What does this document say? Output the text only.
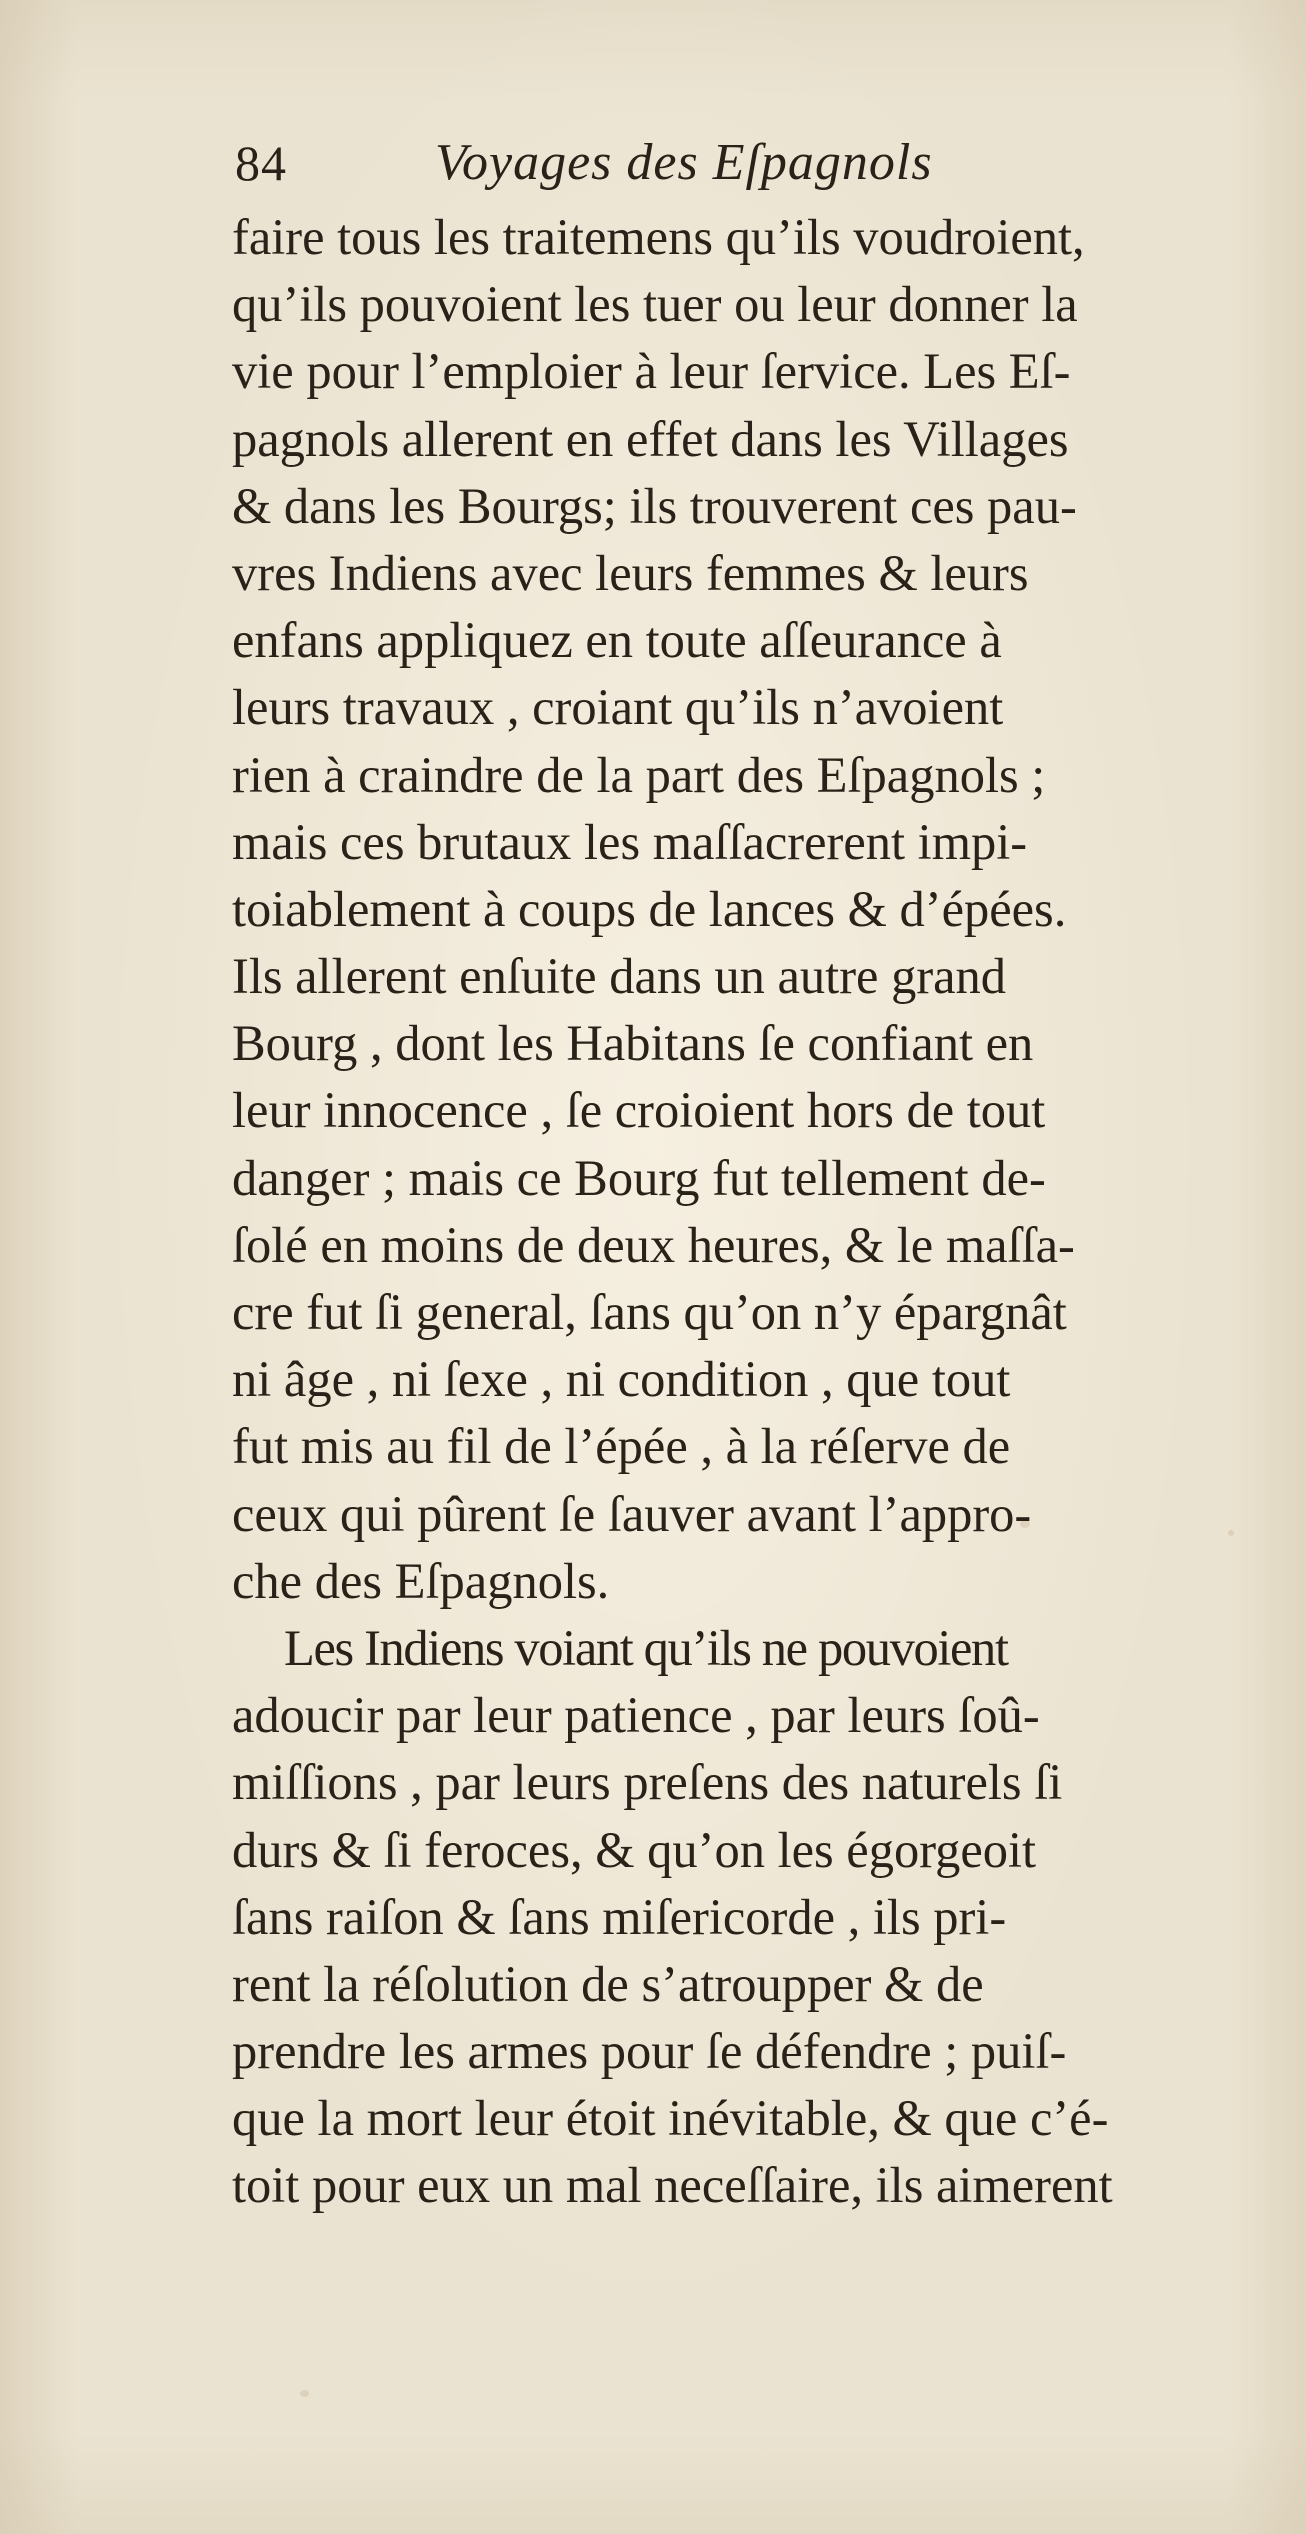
84	Voyages des Eſpagnols
faire tous les traitemens qu’ils voudroient,
qu’ils pouvoient les tuer ou leur donner la
vie pour l’emploier à leur ſervice. Les Eſ-
pagnols allerent en effet dans les Villages
& dans les Bourgs; ils trouverent ces pau-
vres Indiens avec leurs femmes & leurs
enfans appliquez en toute aſſeurance à
leurs travaux , croiant qu’ils n’avoient
rien à craindre de la part des Eſpagnols ;
mais ces brutaux les maſſacrerent impi-
toiablement à coups de lances & d’épées.
Ils allerent enſuite dans un autre grand
Bourg , dont les Habitans ſe confiant en
leur innocence , ſe croioient hors de tout
danger ; mais ce Bourg fut tellement de-
ſolé en moins de deux heures, & le maſſa-
cre fut ſi general, ſans qu’on n’y épargnât
ni âge , ni ſexe , ni condition , que tout
fut mis au fil de l’épée , à la réſerve de
ceux qui pûrent ſe ſauver avant l’appro-
che des Eſpagnols.
Les Indiens voiant qu’ils ne pouvoient
adoucir par leur patience , par leurs ſoû-
miſſions , par leurs preſens des naturels ſi
durs & ſi feroces, & qu’on les égorgeoit
ſans raiſon & ſans miſericorde , ils pri-
rent la réſolution de s’atroupper & de
prendre les armes pour ſe défendre ; puiſ-
que la mort leur étoit inévitable, & que c’é-
toit pour eux un mal neceſſaire, ils aimerent
